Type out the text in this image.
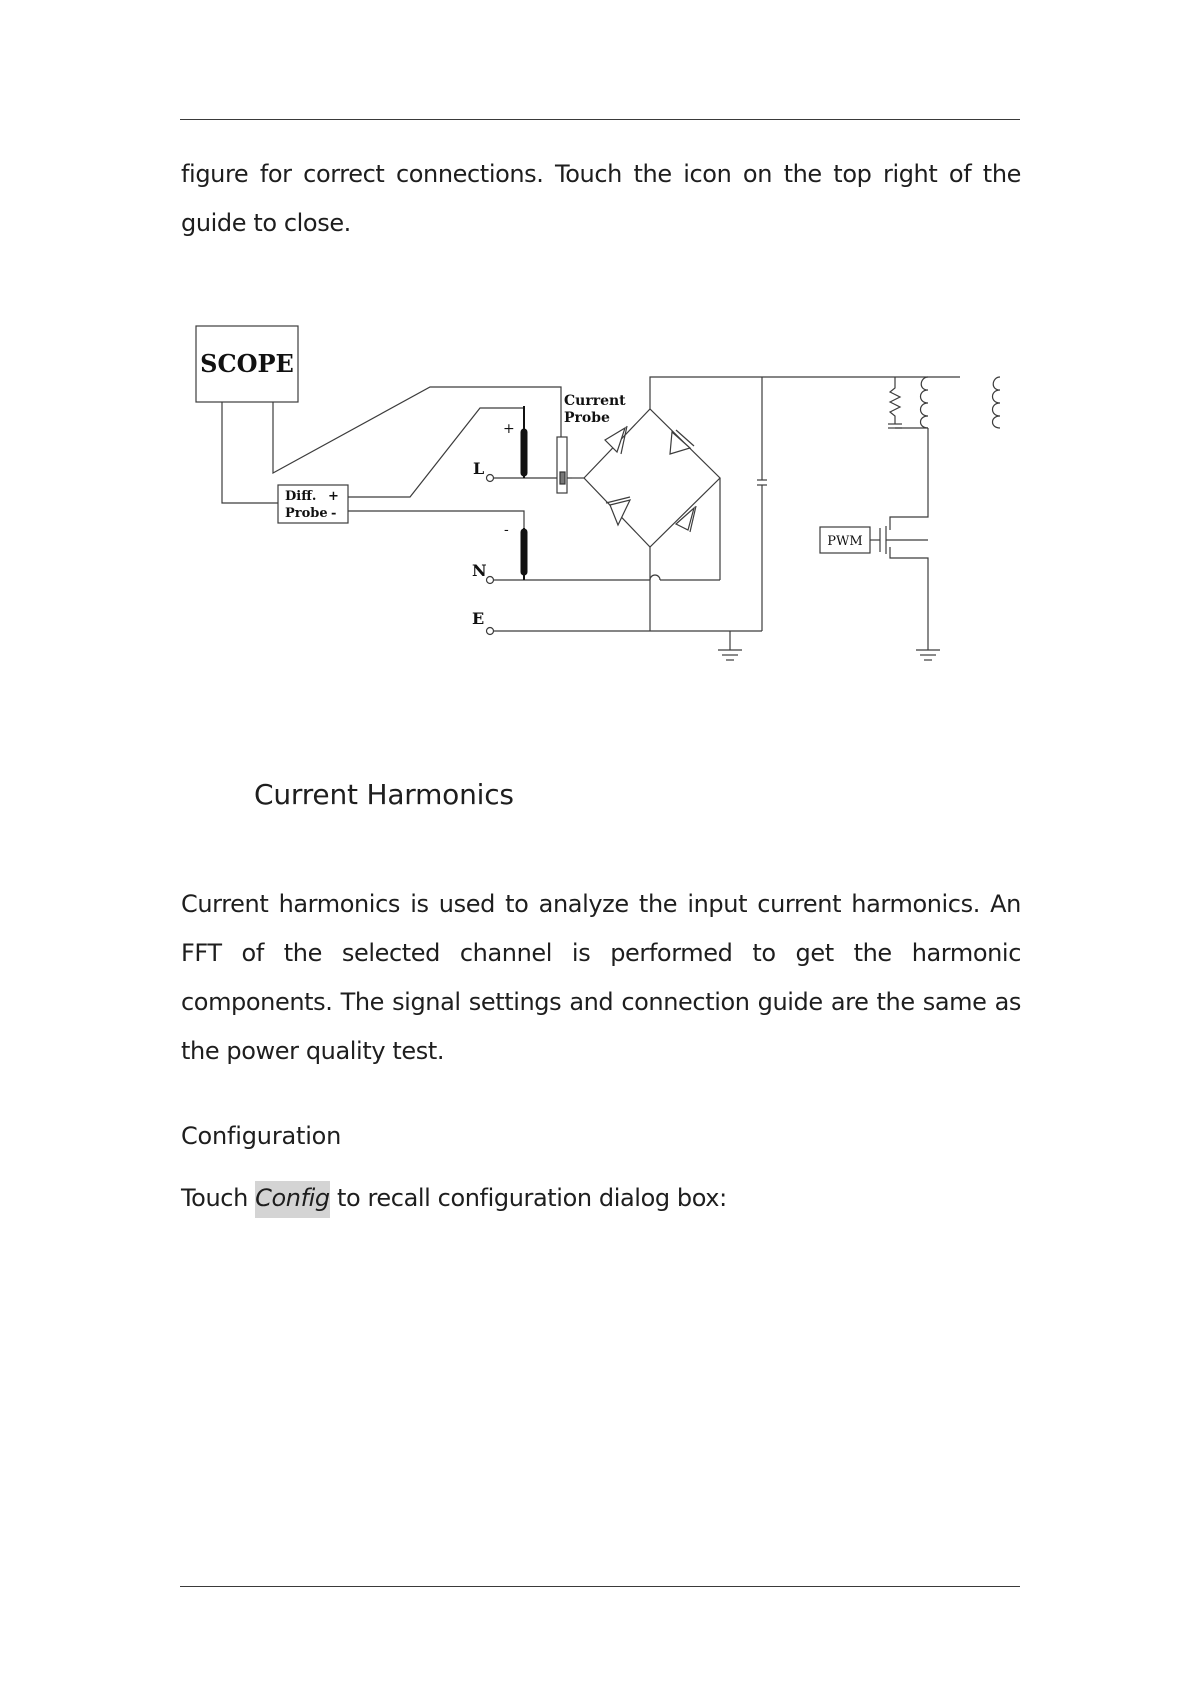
figure for correct connections. Touch the icon on the top right of the guide to close.

SCOPE
Diff.
Probe
+
-
+
-
Current
Probe
L
N
E
PWM
Current Harmonics

Current harmonics is used to analyze the input current harmonics. An FFT of the selected channel is performed to get the harmonic components. The signal settings and connection guide are the same as the power quality test.

Configuration

Touch Config to recall configuration dialog box:
